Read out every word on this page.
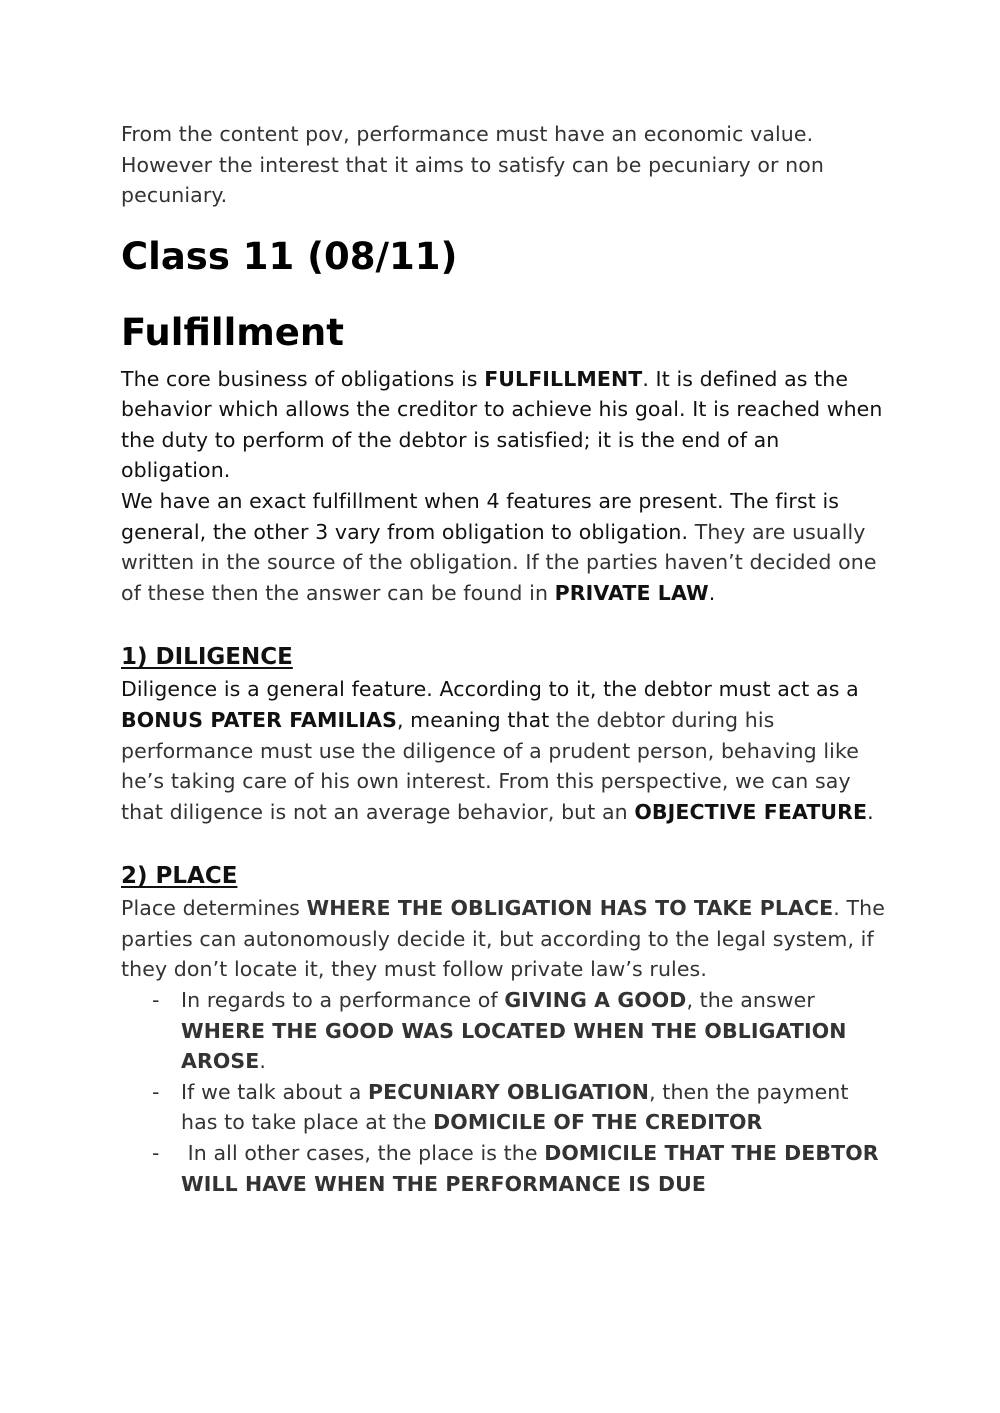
From the content pov, performance must have an economic value. However the interest that it aims to satisfy can be pecuniary or non pecuniary.

Class 11 (08/11)
Fulfillment

The core business of obligations is FULFILLMENT. It is defined as the behavior which allows the creditor to achieve his goal. It is reached when the duty to perform of the debtor is satisfied; it is the end of an obligation.

We have an exact fulfillment when 4 features are present. The first is general, the other 3 vary from obligation to obligation. They are usually written in the source of the obligation. If the parties haven’t decided one of these then the answer can be found in PRIVATE LAW.

1) DILIGENCE

Diligence is a general feature. According to it, the debtor must act as a BONUS PATER FAMILIAS, meaning that the debtor during his performance must use the diligence of a prudent person, behaving like he’s taking care of his own interest. From this perspective, we can say that diligence is not an average behavior, but an OBJECTIVE FEATURE.

2) PLACE

Place determines WHERE THE OBLIGATION HAS TO TAKE PLACE. The parties can autonomously decide it, but according to the legal system, if they don’t locate it, they must follow private law’s rules.

- In regards to a performance of GIVING A GOOD, the answer WHERE THE GOOD WAS LOCATED WHEN THE OBLIGATION AROSE.
- If we talk about a PECUNIARY OBLIGATION, then the payment has to take place at the DOMICILE OF THE CREDITOR
- In all other cases, the place is the DOMICILE THAT THE DEBTOR WILL HAVE WHEN THE PERFORMANCE IS DUE
